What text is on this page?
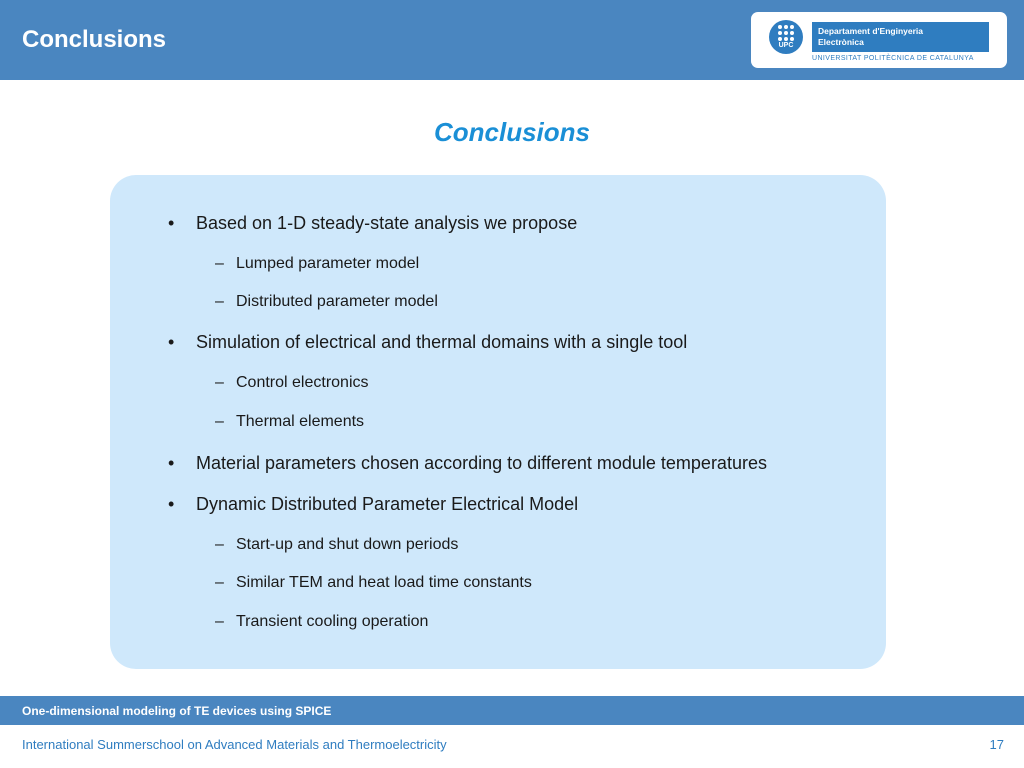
Conclusions	UPC
Departament d'Enginyeria
Electrònica
UNIVERSITAT POLITÈCNICA DE CATALUNYA
Conclusions
• Based on 1-D steady-state analysis we propose
– Lumped parameter model
– Distributed parameter model
• Simulation of electrical and thermal domains with a single tool
– Control electronics
– Thermal elements
• Material parameters chosen according to different module temperatures
• Dynamic Distributed Parameter Electrical Model
– Start-up and shut down periods
– Similar TEM and heat load time constants
– Transient cooling operation
One-dimensional modeling of TE devices using SPICE
International Summerschool on Advanced Materials and Thermoelectricity	17
